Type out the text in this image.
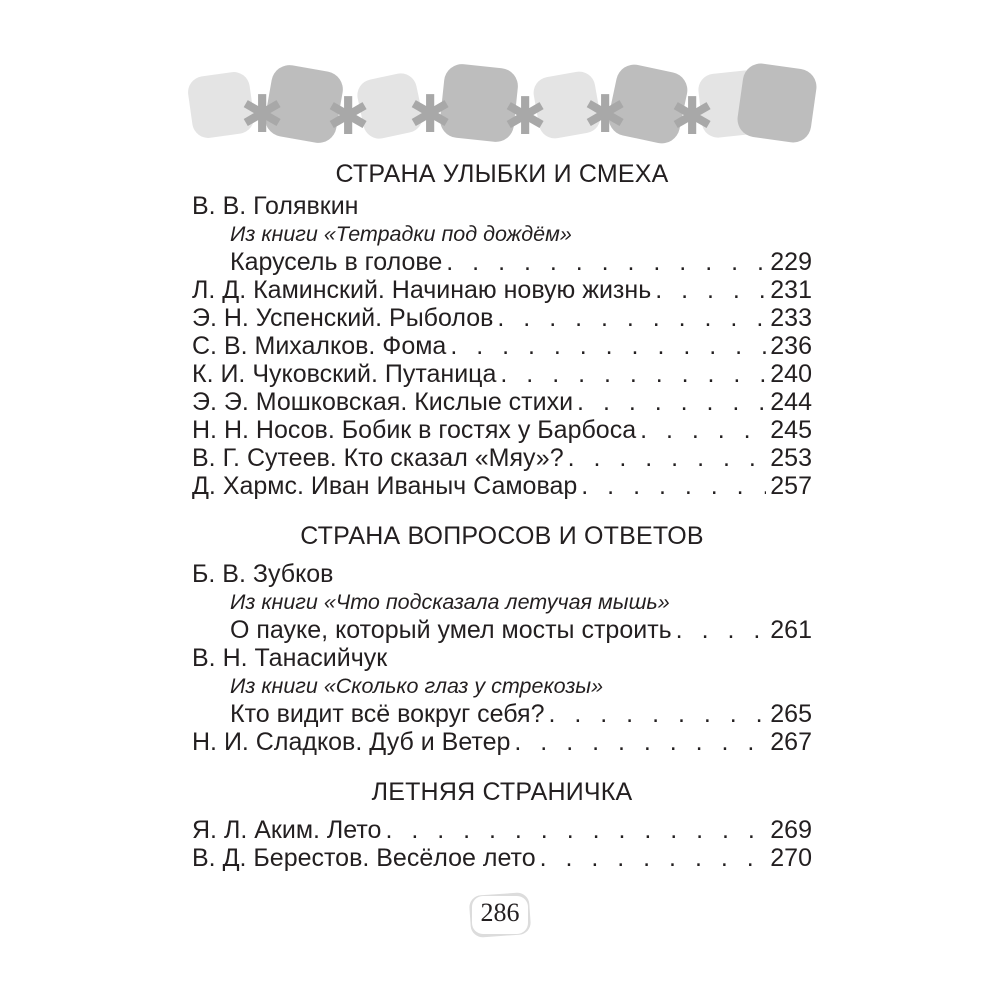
✱ ✱ ✱ ✱ ✱ ✱
СТРАНА УЛЫБКИ И СМЕХА
В. В. Голявкин
Из книги «Тетрадки под дождём»
Карусель в голове . . .	229
Л. Д. Каминский. Начинаю новую жизнь . . .	231
Э. Н. Успенский. Рыболов . . .	233
С. В. Михалков. Фома . . .	236
К. И. Чуковский. Путаница . . .	240
Э. Э. Мошковская. Кислые стихи . . .	244
Н. Н. Носов. Бобик в гостях у Барбоса . . .	245
В. Г. Сутеев. Кто сказал «Мяу»? . . .	253
Д. Хармс. Иван Иваныч Самовар . . .	257
СТРАНА ВОПРОСОВ И ОТВЕТОВ
Б. В. Зубков
Из книги «Что подсказала летучая мышь»
О пауке, который умел мосты строить . . .	261
В. Н. Танасийчук
Из книги «Сколько глаз у стрекозы»
Кто видит всё вокруг себя? . . .	265
Н. И. Сладков. Дуб и Ветер . . .	267
ЛЕТНЯЯ СТРАНИЧКА
Я. Л. Аким. Лето . . .	269
В. Д. Берестов. Весёлое лето . . .	270
286
